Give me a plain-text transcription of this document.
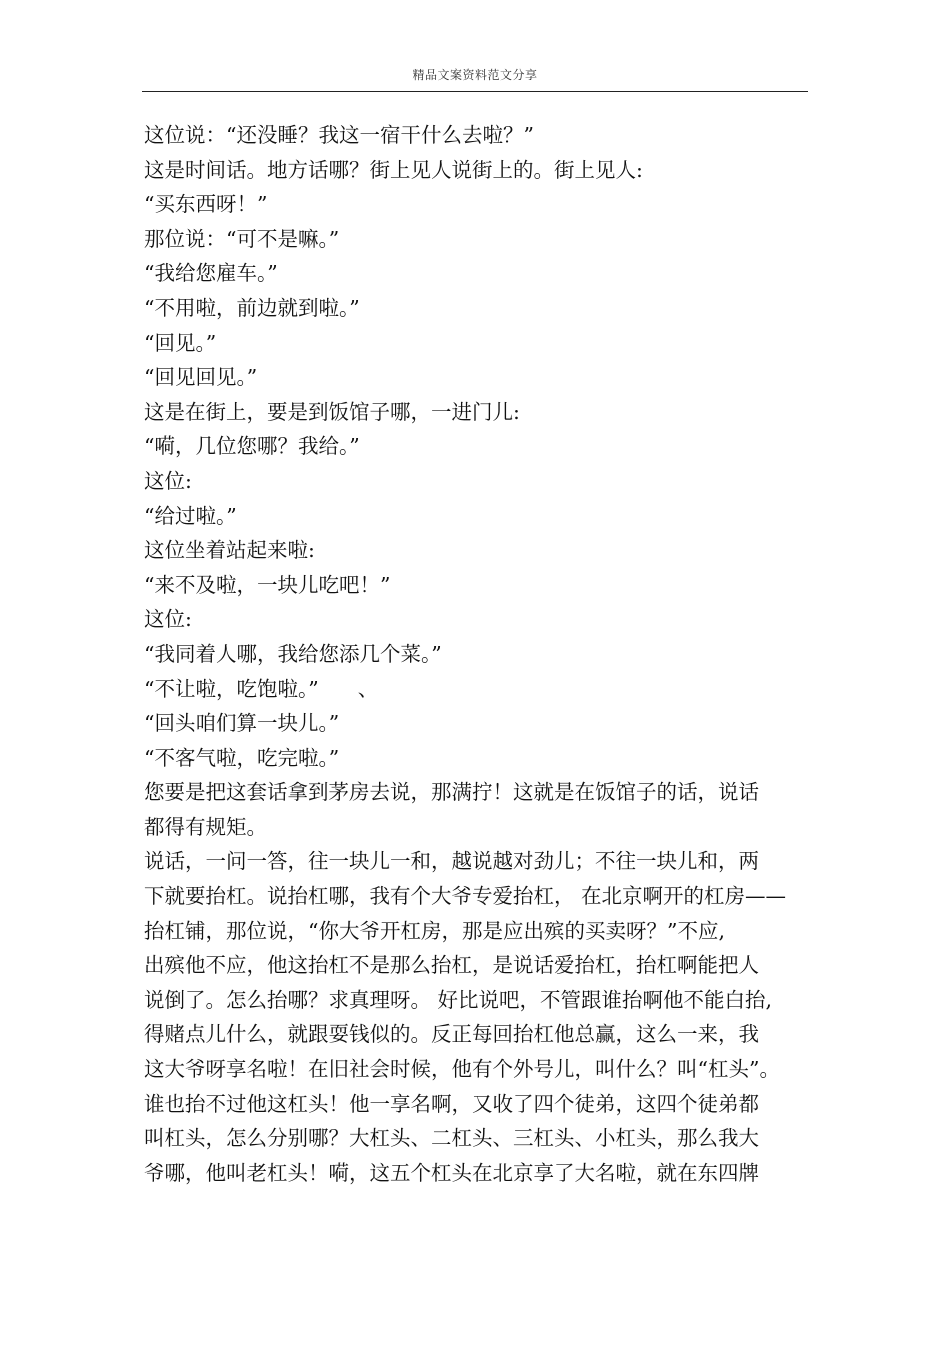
精品文案资料范文分享
这位说：“还没睡？我这一宿干什么去啦？”
这是时间话。地方话哪？街上见人说街上的。街上见人:
“买东西呀！”
那位说：“可不是嘛。”
“我给您雇车。”
“不用啦，前边就到啦。”
“回见。”
“回见回见。”
这是在街上，要是到饭馆子哪，一进门儿:
“嗬，几位您哪？我给。”
这位:
“给过啦。”
这位坐着站起来啦:
“来不及啦，一块儿吃吧！”
这位:
“我同着人哪，我给您添几个菜。”
“不让啦，吃饱啦。”      、
“回头咱们算一块儿。”
“不客气啦，吃完啦。”
您要是把这套话拿到茅房去说，那满拧！这就是在饭馆子的话，说话
都得有规矩。
说话，一问一答，往一块儿一和，越说越对劲儿；不往一块儿和，两
下就要抬杠。说抬杠哪，我有个大爷专爱抬杠， 在北京啊开的杠房——
抬杠铺，那位说，“你大爷开杠房，那是应出殡的买卖呀？”不应,
出殡他不应，他这抬杠不是那么抬杠，是说话爱抬杠，抬杠啊能把人
说倒了。怎么抬哪？求真理呀。 好比说吧，不管跟谁抬啊他不能白抬,
得赌点儿什么，就跟耍钱似的。反正每回抬杠他总赢，这么一来，我
这大爷呀享名啦！在旧社会时候，他有个外号儿，叫什么？叫“杠头”。
谁也抬不过他这杠头！他一享名啊，又收了四个徒弟，这四个徒弟都
叫杠头，怎么分别哪？大杠头、二杠头、三杠头、小杠头，那么我大
爷哪，他叫老杠头！嗬，这五个杠头在北京享了大名啦，就在东四牌
